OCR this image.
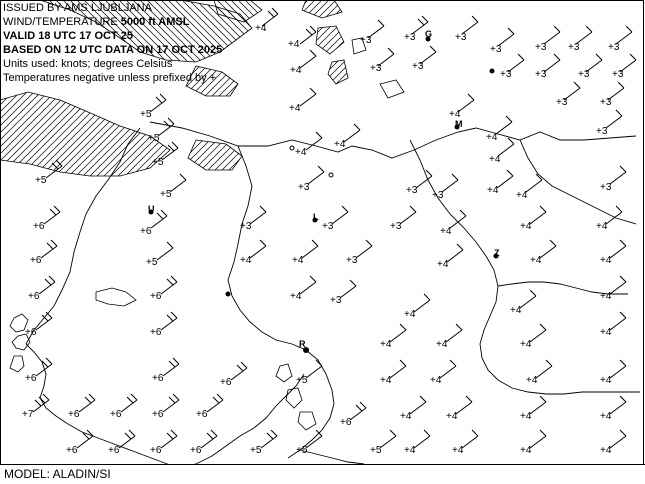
ISSUED BY AMS LJUBLJANA
WIND/TEMPERATURE 5000 ft AMSL
VALID 18 UTC 17 OCT 25
BASED ON 12 UTC DATA ON 17 OCT 2025
Units used: knots; degrees Celsius
Temperatures negative unless prefixed by +
+4
+4	+3	+3	+3
+3	+3 +3	+3
+4	+3	+3
+3 +3	+3 +3
+5
+4
+4
+3	+3
+5
+4
+4
+4
+3
+5	+4
+5
+5
+3	+3 +3	+4 +4
+3
+6	+6	+3	+3	+3	+4	+4	+4
+6	+5	+4	+4	+3	+4	+4	+4
+6	+6	+4	+3
+4	+4
+4
+6	+6
+4	+4	+4
+4
+6	+6	+6	+5	+4	+4	+4	+4
+7	+6	+6	+6	+6
+6
+4	+4	+4	+4
+6	+6	+6	+6	+5	+5	+5 +4	+4	+4	+4
G
M
U
L
Z
R
MODEL: ALADIN/SI
